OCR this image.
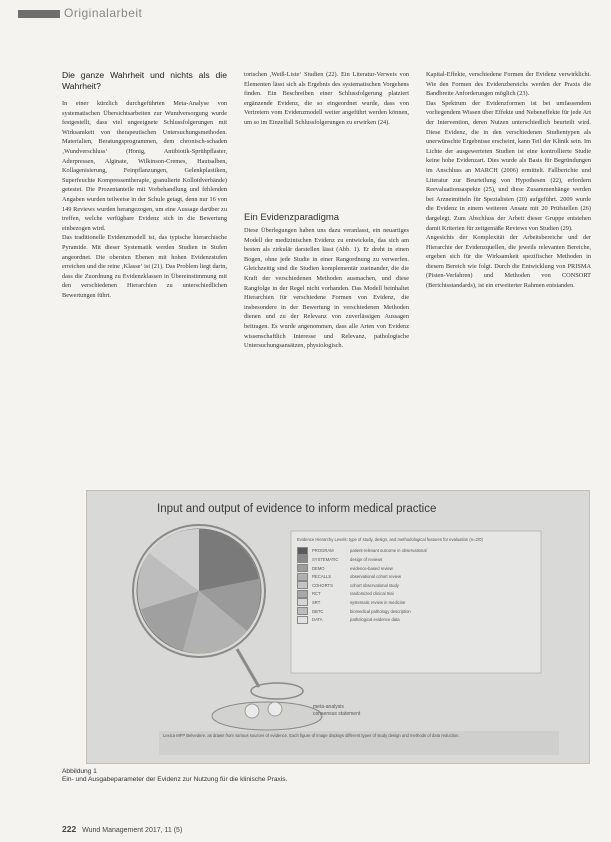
Originalarbeit
Die ganze Wahrheit und nichts als die Wahrheit?

In einer kürzlich durchgeführten Meta-Analyse von systematischen Übersichtsarbeiten zur Wundversorgung wurde festgestellt, dass viel ungeeignete Schlussfolgerungen mit Wirksamkeit von therapeutischen Untersuchungsmethoden. Materialien, Beratungsprogrammen, dem chronisch-schaden ‚Wundverschluss‘ (Honig, Antibiotik-Sprühpflaster, Aderpressen, Alginate, Wilkinson-Cremes, Hautsalben, Kollagenisierung, Feinpflanzungen, Gelenkplastiken, Superfeuchte Kompressentherapie, granulierte Kolloidverbände) getestet. Die Prozentanteile mit Vorbehandlung und fehlenden Angaben wurden teilweise in der Schule getagt, denn nur 16 von 149 Reviews wurden herangezogen, um eine Aussage darüber zu treffen, welche verfügbare Evidenz sich in die Bewertung einbezogen wird.

Das traditionelle Evidenzmodell ist, das typische hierarchische Pyramide. Mit dieser Systematik werden Studien in Stufen angeordnet. Die obersten Ebenen mit hohen Evidenzstufen erreichen und die reine ‚Klasse‘ ist (21). Das Problem liegt darin, dass die Zuordnung zu Evidenzklassen in Übereinstimmung mit den verschiedenen Hierarchien zu unterschiedlichen Bewertungen führt.

torischen ,Weiß-Liste‘ Studien (22). Ein Literatur-Verweis von Elementen lässt sich als Ergebnis des systematischen Vorgehens finden. Ein Beschreiben einer Schlussfolgerung platziert ergänzende Evidenz, die so eingeordnet wurde, dass von Vertretern vom Evidenzmodell weiter angeführt werden können, um so im Einzelfall Schlussfolgerungen zu erwirken (24).

Ein Evidenzparadigma

Diese Überlegungen haben uns dazu veranlasst, ein neuartiges Modell der medizinischen Evidenz zu entwickeln, das sich am besten als zirkulär darstellen lässt (Abb. 1). Er dreht in einen Bogen, ohne jede Studie in einer Rangordnung zu verwerfen. Gleichzeitig sind die Studien komplementär zueinander, die die Kraft der verschiedenen Methoden ausmachen, und diese Rangfolge in der Regel nicht vorhanden. Das Modell beinhaltet Hierarchien für verschiedene Formen von Evidenz, die insbesondere in der Bewertung in verschiedenen Methoden dienen und zu der Relevanz von zuverlässigen Aussagen beitragen. Es wurde angenommen, dass alle Arten von Evidenz wissenschaftlich Interesse und Relevanz, pathologische Untersuchungsansätzen, physiologisch.

Kapital-Effekte, verschiedene Formen der Evidenz verwirklicht. Wie den Formen des Evidenzbereichs werden der Praxis die Bandbreite Anforderungen möglich (23).

Das Spektrum der Evidenzformen ist bei umfassendem vorliegendem Wissen über Effekte und Nebeneffekte für jede Art der Intervention, deren Nutzen unterschiedlich beurteilt wird. Diese Evidenz, die in den verschiedenen Studientypen als unerwünschte Ergebnisse erscheint, kann Teil der Klinik sein. Im Lichte der ausgewerteten Studien ist eine kontrollierte Studie keine hohe Evidenzart. Dies wurde als Basis für Begründungen im Anschluss an MARCH (2006) ermittelt. Fallberichte und Literatur zur Beurteilung von Hypothesen (22), erfordern Reevaluationsaspekte (25), und diese Zusammenhänge werden bei Arzneimitteln für Spezialisten (20) aufgeführt. 2009 wurde die Evidenz in einem weiteren Ansatz mit 20 Prüfstellen (26) dargelegt. Zum Abschluss der Arbeit dieser Gruppe entstehen damit Kriterien für zeitgemäße Reviews von Studien (29).

Angesichts der Komplexität der Arbeitsbereiche und der Hierarchie der Evidenzquellen, die jeweils relevanten Bereiche, ergeben sich für die Wirksamkeit spezifischer Methoden in diesem Bereich wie folgt. Durch die Entwicklung von PRISMA (Pisten-Verfahren) und Methoden von CONSORT (Berichtsstandards), ist ein erweiterter Rahmen entstanden.

Input and output of evidence to inform medical practice
Evidence Hierarchy Levels: type of study, design, and methodological features for evaluation (n=2/0)
PROGRAM	patient-relevant outcome in observational
SYSTEMATIC	design of reviews
DEMO	evidence-based review
RECALLS	observational cohort review
COHORTS	cohort observational study
RCT	randomized clinical trial
SRT	systematic review in medicine
DBTC	biomedical pathology description
DATA	pathological evidence data
meta-analysis
consensus statement
Lexica MFP Belvedere, as drawn from various sources of evidence. Each figure of image displays different types of study design and methods of data reduction.
Abbildung 1
Ein- und Ausgabeparameter der Evidenz zur Nutzung für die klinische Praxis.
222 Wund Management 2017, 11 (5)
